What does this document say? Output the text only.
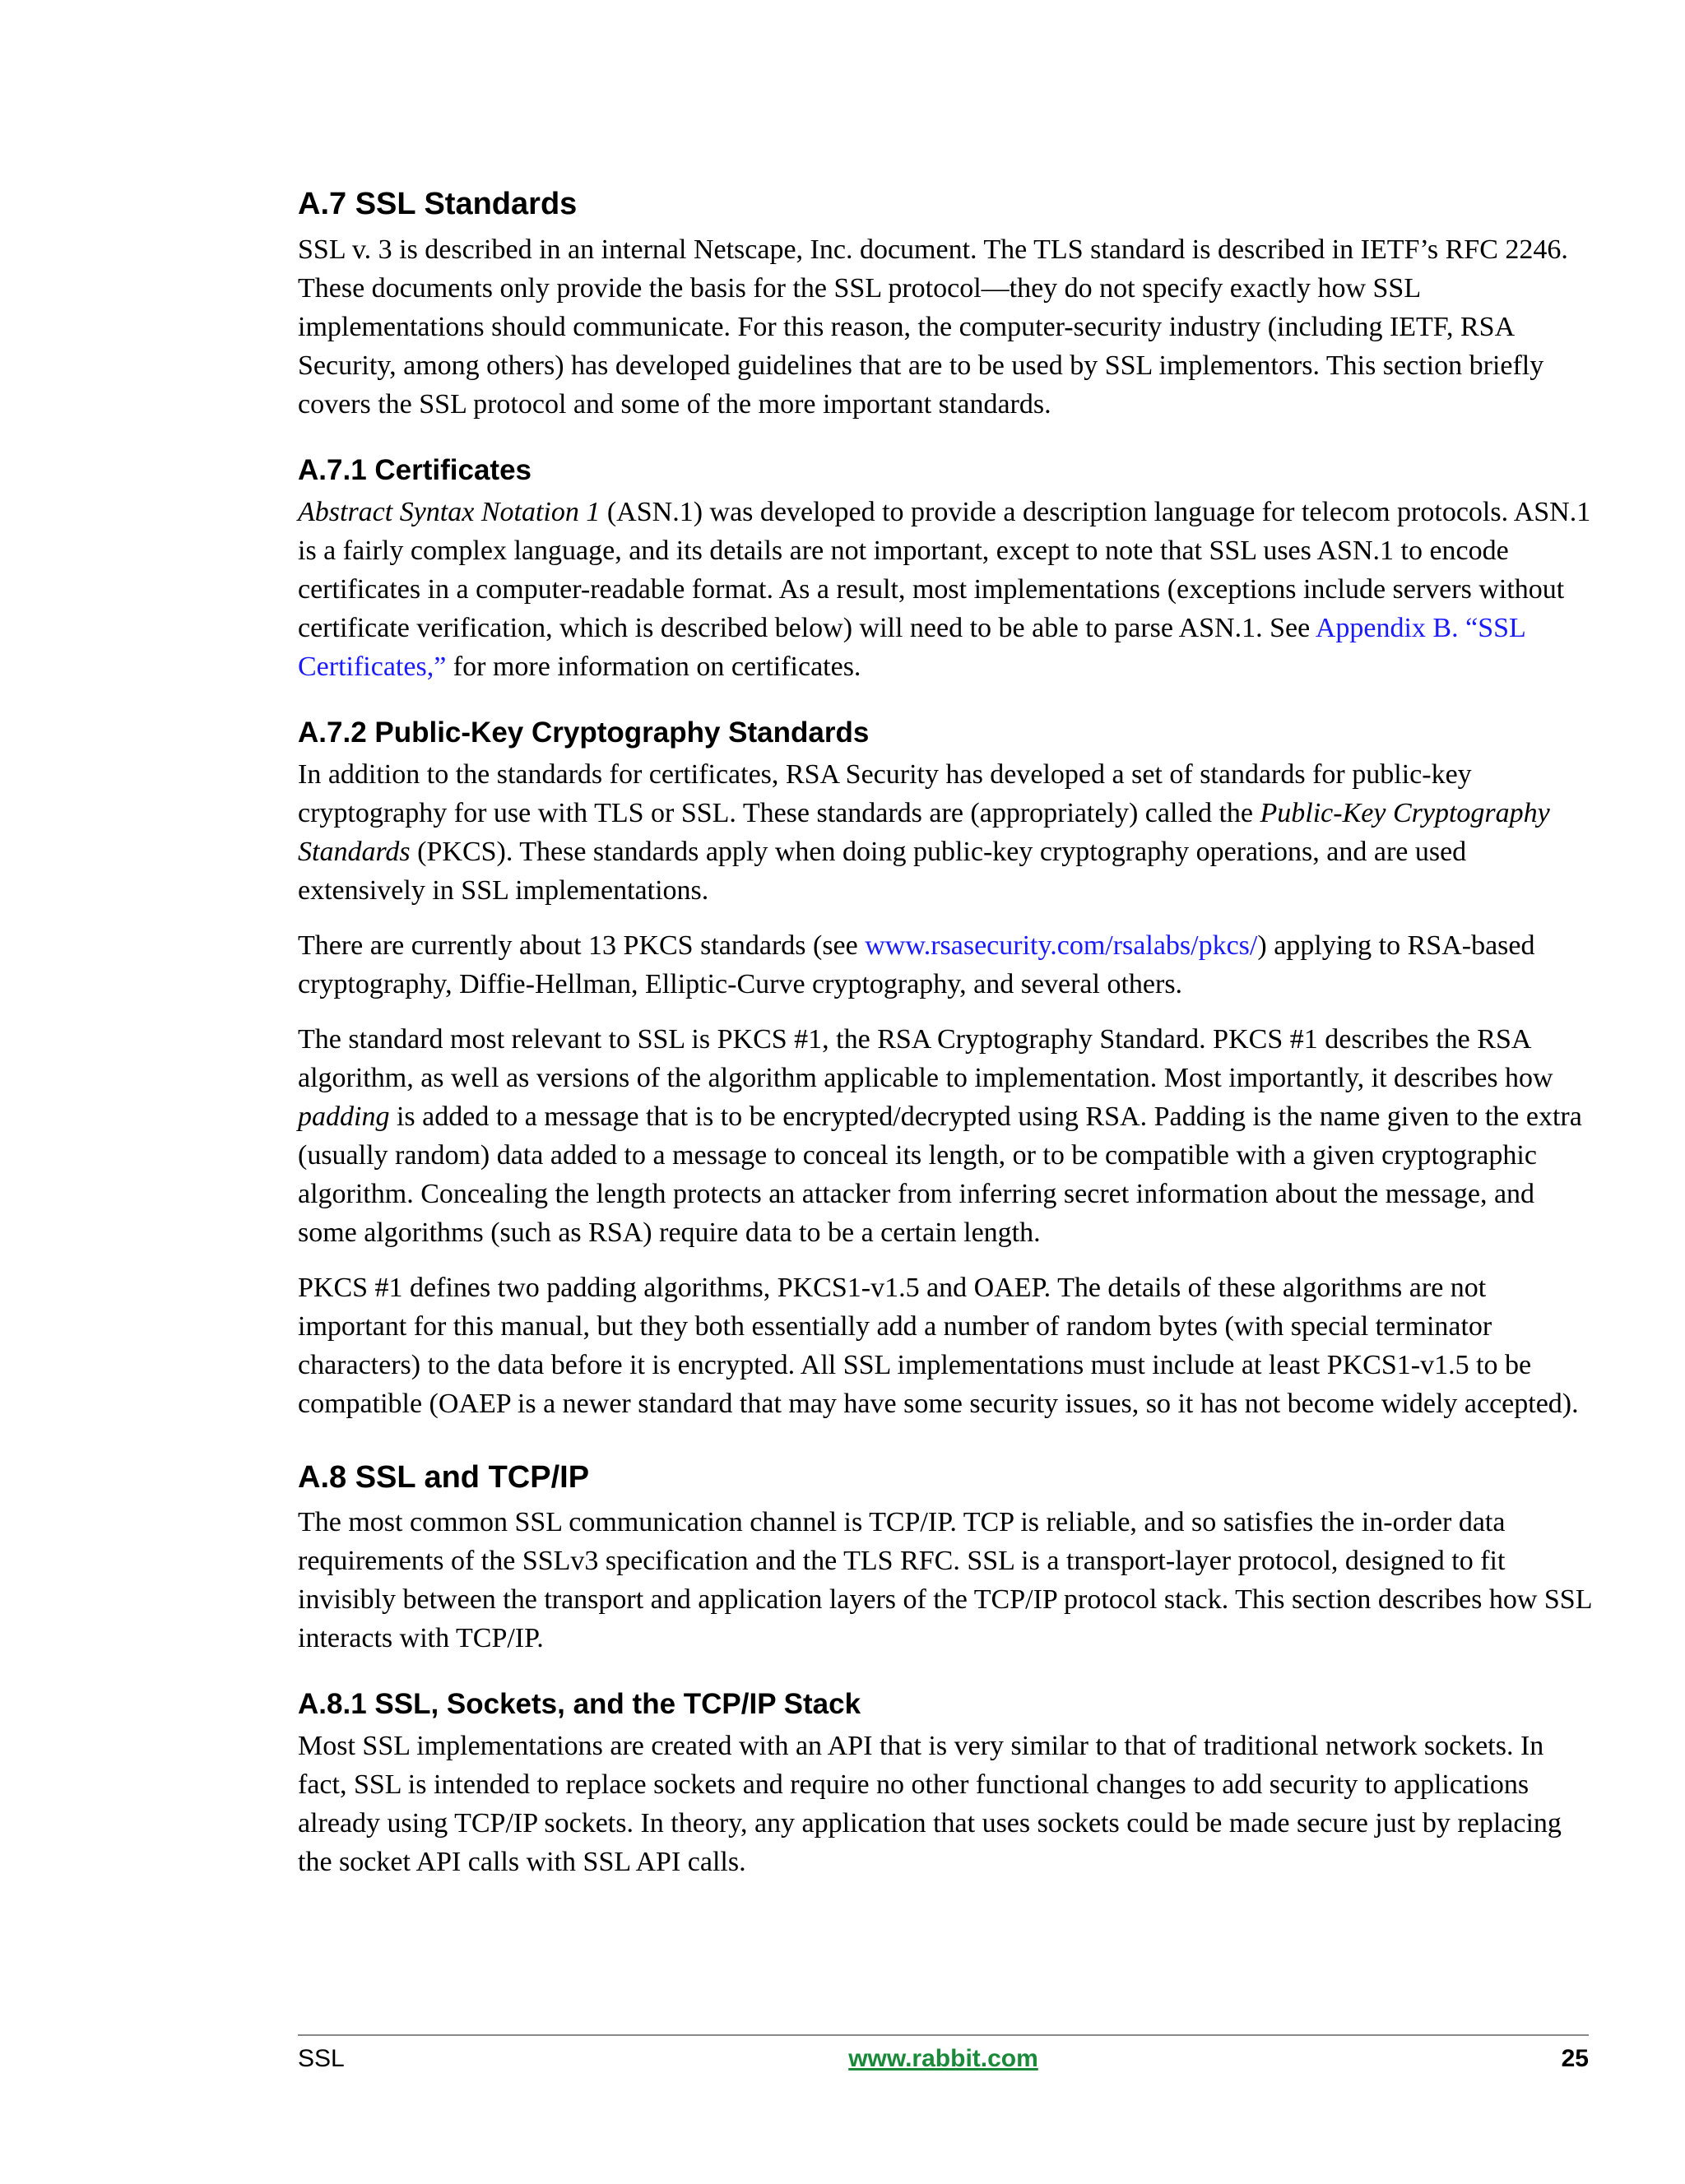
A.7 SSL Standards

SSL v. 3 is described in an internal Netscape, Inc. document. The TLS standard is described in IETF’s RFC 2246. These documents only provide the basis for the SSL protocol—they do not specify exactly how SSL implementations should communicate. For this reason, the computer-security industry (including IETF, RSA Security, among others) has developed guidelines that are to be used by SSL implementors. This section briefly covers the SSL protocol and some of the more important standards.

A.7.1 Certificates

Abstract Syntax Notation 1 (ASN.1) was developed to provide a description language for telecom protocols. ASN.1 is a fairly complex language, and its details are not important, except to note that SSL uses ASN.1 to encode certificates in a computer-readable format. As a result, most implementations (exceptions include servers without certificate verification, which is described below) will need to be able to parse ASN.1. See Appendix B. “SSL Certificates,” for more information on certificates.

A.7.2 Public-Key Cryptography Standards

In addition to the standards for certificates, RSA Security has developed a set of standards for public-key cryptography for use with TLS or SSL. These standards are (appropriately) called the Public-Key Cryptography Standards (PKCS). These standards apply when doing public-key cryptography operations, and are used extensively in SSL implementations.

There are currently about 13 PKCS standards (see www.rsasecurity.com/rsalabs/pkcs/) applying to RSA-based cryptography, Diffie-Hellman, Elliptic-Curve cryptography, and several others.

The standard most relevant to SSL is PKCS #1, the RSA Cryptography Standard. PKCS #1 describes the RSA algorithm, as well as versions of the algorithm applicable to implementation. Most importantly, it describes how padding is added to a message that is to be encrypted/decrypted using RSA. Padding is the name given to the extra (usually random) data added to a message to conceal its length, or to be compatible with a given cryptographic algorithm. Concealing the length protects an attacker from inferring secret information about the message, and some algorithms (such as RSA) require data to be a certain length.

PKCS #1 defines two padding algorithms, PKCS1-v1.5 and OAEP. The details of these algorithms are not important for this manual, but they both essentially add a number of random bytes (with special terminator characters) to the data before it is encrypted. All SSL implementations must include at least PKCS1-v1.5 to be compatible (OAEP is a newer standard that may have some security issues, so it has not become widely accepted).

A.8 SSL and TCP/IP

The most common SSL communication channel is TCP/IP. TCP is reliable, and so satisfies the in-order data requirements of the SSLv3 specification and the TLS RFC. SSL is a transport-layer protocol, designed to fit invisibly between the transport and application layers of the TCP/IP protocol stack. This section describes how SSL interacts with TCP/IP.

A.8.1 SSL, Sockets, and the TCP/IP Stack

Most SSL implementations are created with an API that is very similar to that of traditional network sockets. In fact, SSL is intended to replace sockets and require no other functional changes to add security to applications already using TCP/IP sockets. In theory, any application that uses sockets could be made secure just by replacing the socket API calls with SSL API calls.

SSL	www.rabbit.com	25
